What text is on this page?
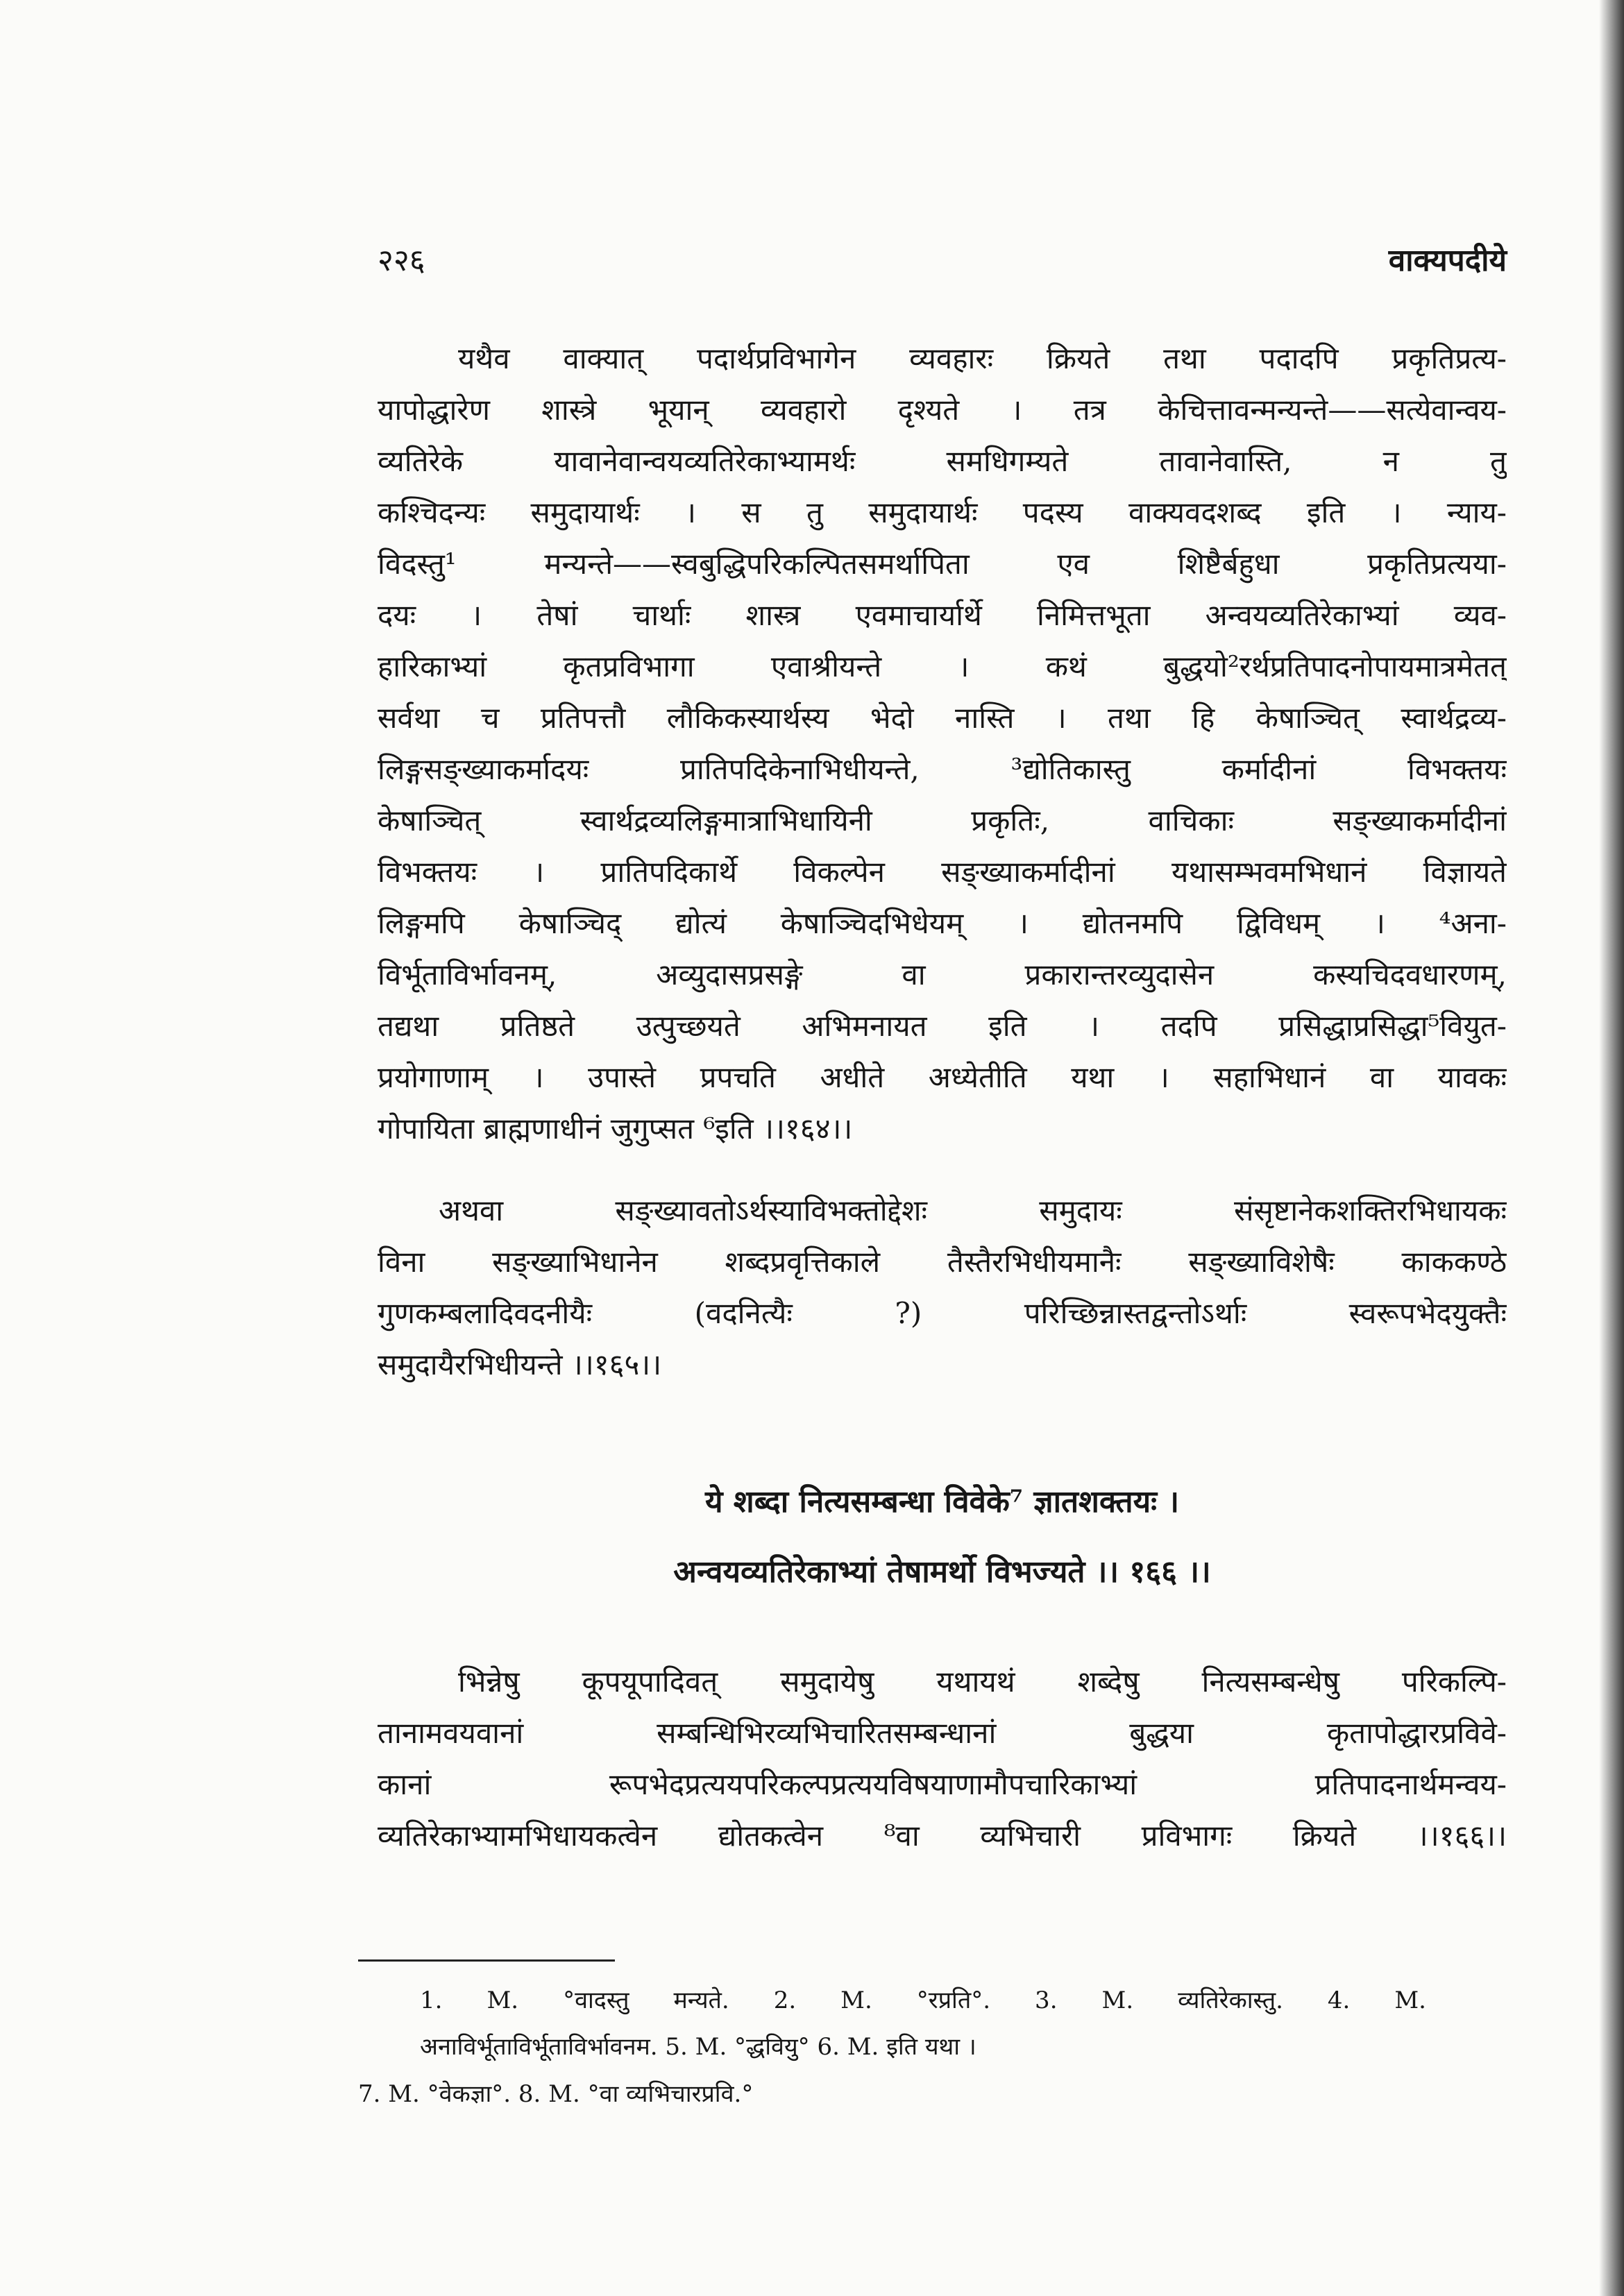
२२६	वाक्यपदीये
यथैव वाक्यात् पदार्थप्रविभागेन व्यवहारः क्रियते तथा पदादपि प्रकृतिप्रत्य-
यापोद्धारेण शास्त्रे भूयान् व्यवहारो दृश्यते । तत्र केचित्तावन्मन्यन्ते——सत्येवान्वय-
व्यतिरेके यावानेवान्वयव्यतिरेकाभ्यामर्थः समधिगम्यते तावानेवास्ति, न तु
कश्चिदन्यः समुदायार्थः । स तु समुदायार्थः पदस्य वाक्यवदशब्द इति । न्याय-
विदस्तु¹ मन्यन्ते——स्वबुद्धिपरिकल्पितसमर्थापिता एव शिष्टैर्बहुधा प्रकृतिप्रत्यया-
दयः । तेषां चार्थाः शास्त्र एवमाचार्यार्थे निमित्तभूता अन्वयव्यतिरेकाभ्यां व्यव-
हारिकाभ्यां कृतप्रविभागा एवाश्रीयन्ते । कथं बुद्धयो²रर्थप्रतिपादनोपायमात्रमेतत्
सर्वथा च प्रतिपत्तौ लौकिकस्यार्थस्य भेदो नास्ति । तथा हि केषाञ्चित् स्वार्थद्रव्य-
लिङ्गसङ्ख्याकर्मादयः प्रातिपदिकेनाभिधीयन्ते, ³द्योतिकास्तु कर्मादीनां विभक्तयः
केषाञ्चित् स्वार्थद्रव्यलिङ्गमात्राभिधायिनी प्रकृतिः, वाचिकाः सङ्ख्याकर्मादीनां
विभक्तयः । प्रातिपदिकार्थे विकल्पेन सङ्ख्याकर्मादीनां यथासम्भवमभिधानं विज्ञायते
लिङ्गमपि केषाञ्चिद् द्योत्यं केषाञ्चिदभिधेयम् । द्योतनमपि द्विविधम् । ⁴अना-
विर्भूताविर्भावनम्, अव्युदासप्रसङ्गे वा प्रकारान्तरव्युदासेन कस्यचिदवधारणम्,
तद्यथा प्रतिष्ठते उत्पुच्छयते अभिमनायत इति । तदपि प्रसिद्धाप्रसिद्धा⁵वियुत-
प्रयोगाणाम् । उपास्ते प्रपचति अधीते अध्येतीति यथा । सहाभिधानं वा यावकः
गोपायिता ब्राह्मणाधीनं जुगुप्सत ⁶इति ।।१६४।।
अथवा सङ्ख्यावतोऽर्थस्याविभक्तोद्देशः समुदायः संसृष्टानेकशक्तिरभिधायकः
विना सङ्ख्याभिधानेन शब्दप्रवृत्तिकाले तैस्तैरभिधीयमानैः सङ्ख्याविशेषैः काककण्ठे
गुणकम्बलादिवदनीयैः (वदनित्यैः ?) परिच्छिन्नास्तद्वन्तोऽर्थाः स्वरूपभेदयुक्तैः
समुदायैरभिधीयन्ते ।।१६५।।
ये शब्दा नित्यसम्बन्धा विवेके⁷ ज्ञातशक्तयः ।
अन्वयव्यतिरेकाभ्यां तेषामर्थो विभज्यते ।। १६६ ।।
भिन्नेषु कूपयूपादिवत् समुदायेषु यथायथं शब्देषु नित्यसम्बन्धेषु परिकल्पि-
तानामवयवानां सम्बन्धिभिरव्यभिचारितसम्बन्धानां बुद्धया कृतापोद्धारप्रविवे-
कानां रूपभेदप्रत्ययपरिकल्पप्रत्ययविषयाणामौपचारिकाभ्यां प्रतिपादनार्थमन्वय-
व्यतिरेकाभ्यामभिधायकत्वेन द्योतकत्वेन ⁸वा व्यभिचारी प्रविभागः क्रियते ।।१६६।।
1. M. °वादस्तु मन्यते. 2. M. °रप्रति°. 3. M. व्यतिरेकास्तु. 4. M.
अनाविर्भूताविर्भूताविर्भावनम. 5. M. °द्धवियु° 6. M. इति यथा ।
7. M. °वेकज्ञा°. 8. M. °वा व्यभिचारप्रवि.°
